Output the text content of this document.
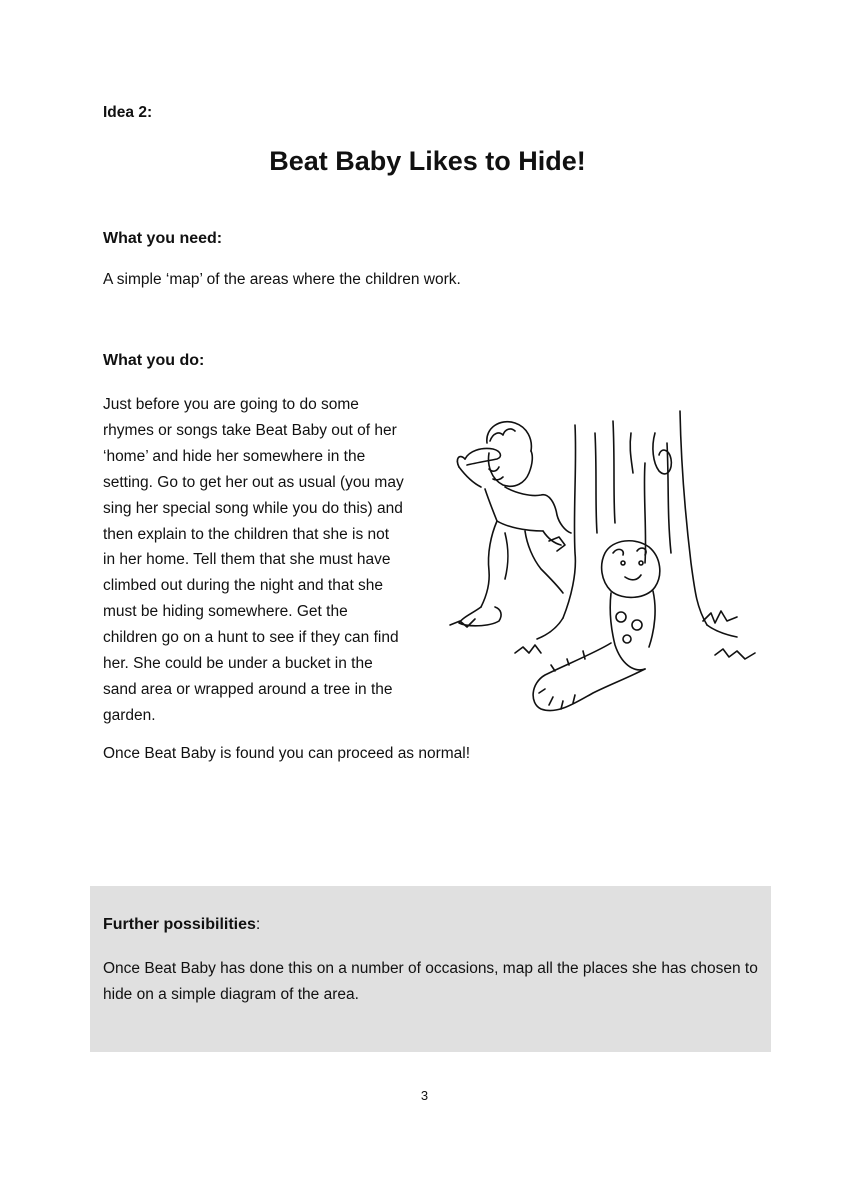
Idea 2:
Beat Baby Likes to Hide!
What you need:
A simple ‘map’ of the areas where the children work.
What you do:
Just before you are going to do some
rhymes or songs take Beat Baby out of her
‘home’ and hide her somewhere in the
setting. Go to get her out as usual (you may
sing her special song while you do this) and
then explain to the children that she is not
in her home. Tell them that she must have
climbed out during the night and that she
must be hiding somewhere. Get the
children go on a hunt to see if they can find
her. She could be under a bucket in the
sand area or wrapped around a tree in the
garden.
Once Beat Baby is found you can proceed as normal!
Further possibilities:
Once Beat Baby has done this on a number of occasions, map all the places she has chosen to hide on a simple diagram of the area.
3
